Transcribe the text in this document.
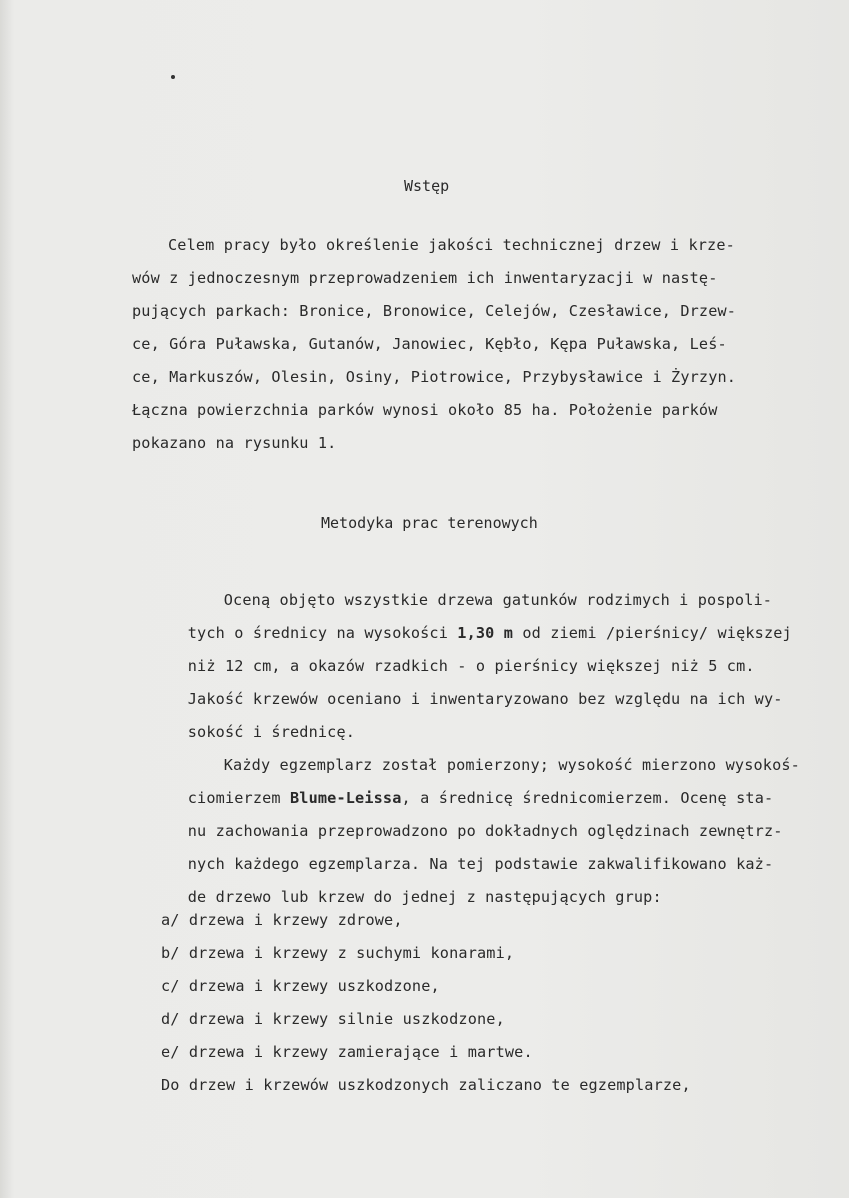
Wstęp
Celem pracy było określenie jakości technicznej drzew i krze-
wów z jednoczesnym przeprowadzeniem ich inwentaryzacji w nastę-
pujących parkach: Bronice, Bronowice, Celejów, Czesławice, Drzew-
ce, Góra Puławska, Gutanów, Janowiec, Kębło, Kępa Puławska, Leś-
ce, Markuszów, Olesin, Osiny, Piotrowice, Przybysławice i Żyrzyn.
Łączna powierzchnia parków wynosi około 85 ha. Położenie parków
pokazano na rysunku 1.
Metodyka prac terenowych

Oceną objęto wszystkie drzewa gatunków rodzimych i pospoli-

tych o średnicy na wysokości 1,30 m od ziemi /pierśnicy/ większej

niż 12 cm, a okazów rzadkich - o pierśnicy większej niż 5 cm.

Jakość krzewów oceniano i inwentaryzowano bez względu na ich wy-

sokość i średnicę.

Każdy egzemplarz został pomierzony; wysokość mierzono wysokoś-

ciomierzem Blume-Leissa, a średnicę średnicomierzem. Ocenę sta-

nu zachowania przeprowadzono po dokładnych oględzinach zewnętrz-

nych każdego egzemplarza. Na tej podstawie zakwalifikowano każ-

de drzewo lub krzew do jednej z następujących grup:

a/ drzewa i krzewy zdrowe,
b/ drzewa i krzewy z suchymi konarami,
c/ drzewa i krzewy uszkodzone,
d/ drzewa i krzewy silnie uszkodzone,
e/ drzewa i krzewy zamierające i martwe.
Do drzew i krzewów uszkodzonych zaliczano te egzemplarze,
